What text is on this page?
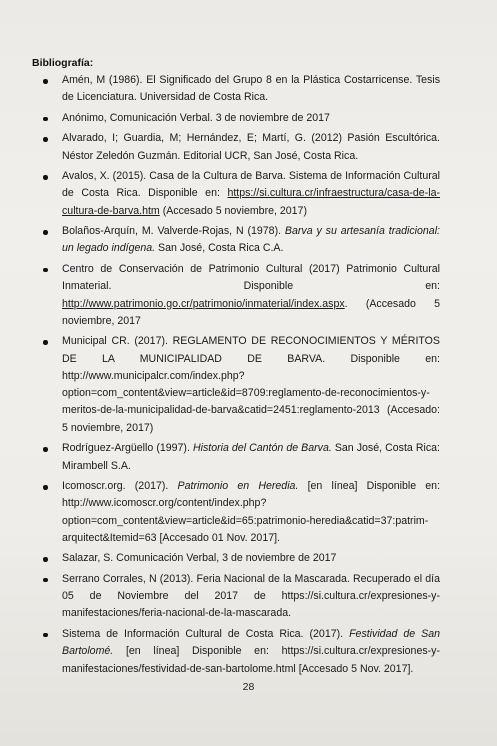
Bibliografía:
Amén, M (1986). El Significado del Grupo 8 en la Plástica Costarricense. Tesis de Licenciatura. Universidad de Costa Rica.
Anónimo, Comunicación Verbal. 3 de noviembre de 2017
Alvarado, I; Guardia, M; Hernández, E; Martí, G. (2012) Pasión Escultórica. Néstor Zeledón Guzmán. Editorial UCR, San José, Costa Rica.
Avalos, X. (2015). Casa de la Cultura de Barva. Sistema de Información Cultural de Costa Rica. Disponible en: https://si.cultura.cr/infraestructura/casa-de-la-cultura-de-barva.htm (Accesado 5 noviembre, 2017)
Bolaños-Arquín, M. Valverde-Rojas, N (1978). Barva y su artesanía tradicional: un legado indígena. San José, Costa Rica C.A.
Centro de Conservación de Patrimonio Cultural (2017) Patrimonio Cultural Inmaterial. Disponible en: http://www.patrimonio.go.cr/patrimonio/inmaterial/index.aspx. (Accesado 5 noviembre, 2017
Municipal CR. (2017). REGLAMENTO DE RECONOCIMIENTOS Y MÉRITOS DE LA MUNICIPALIDAD DE BARVA. Disponible en: http://www.municipalcr.com/index.php?option=com_content&view=article&id=8709:reglamento-de-reconocimientos-y-meritos-de-la-municipalidad-de-barva&catid=2451:reglamento-2013 (Accesado: 5 noviembre, 2017)
Rodríguez-Argüello (1997). Historia del Cantón de Barva. San José, Costa Rica: Mirambell S.A.
Icomoscr.org. (2017). Patrimonio en Heredia. [en línea] Disponible en: http://www.icomoscr.org/content/index.php?option=com_content&view=article&id=65:patrimonio-heredia&catid=37:patrim-arquitect&Itemid=63 [Accesado 01 Nov. 2017].
Salazar, S. Comunicación Verbal, 3 de noviembre de 2017
Serrano Corrales, N (2013). Feria Nacional de la Mascarada. Recuperado el día 05 de Noviembre del 2017 de https://si.cultura.cr/expresiones-y-manifestaciones/feria-nacional-de-la-mascarada.
Sistema de Información Cultural de Costa Rica. (2017). Festividad de San Bartolomé. [en línea] Disponible en: https://si.cultura.cr/expresiones-y-manifestaciones/festividad-de-san-bartolome.html [Accesado 5 Nov. 2017].
28
